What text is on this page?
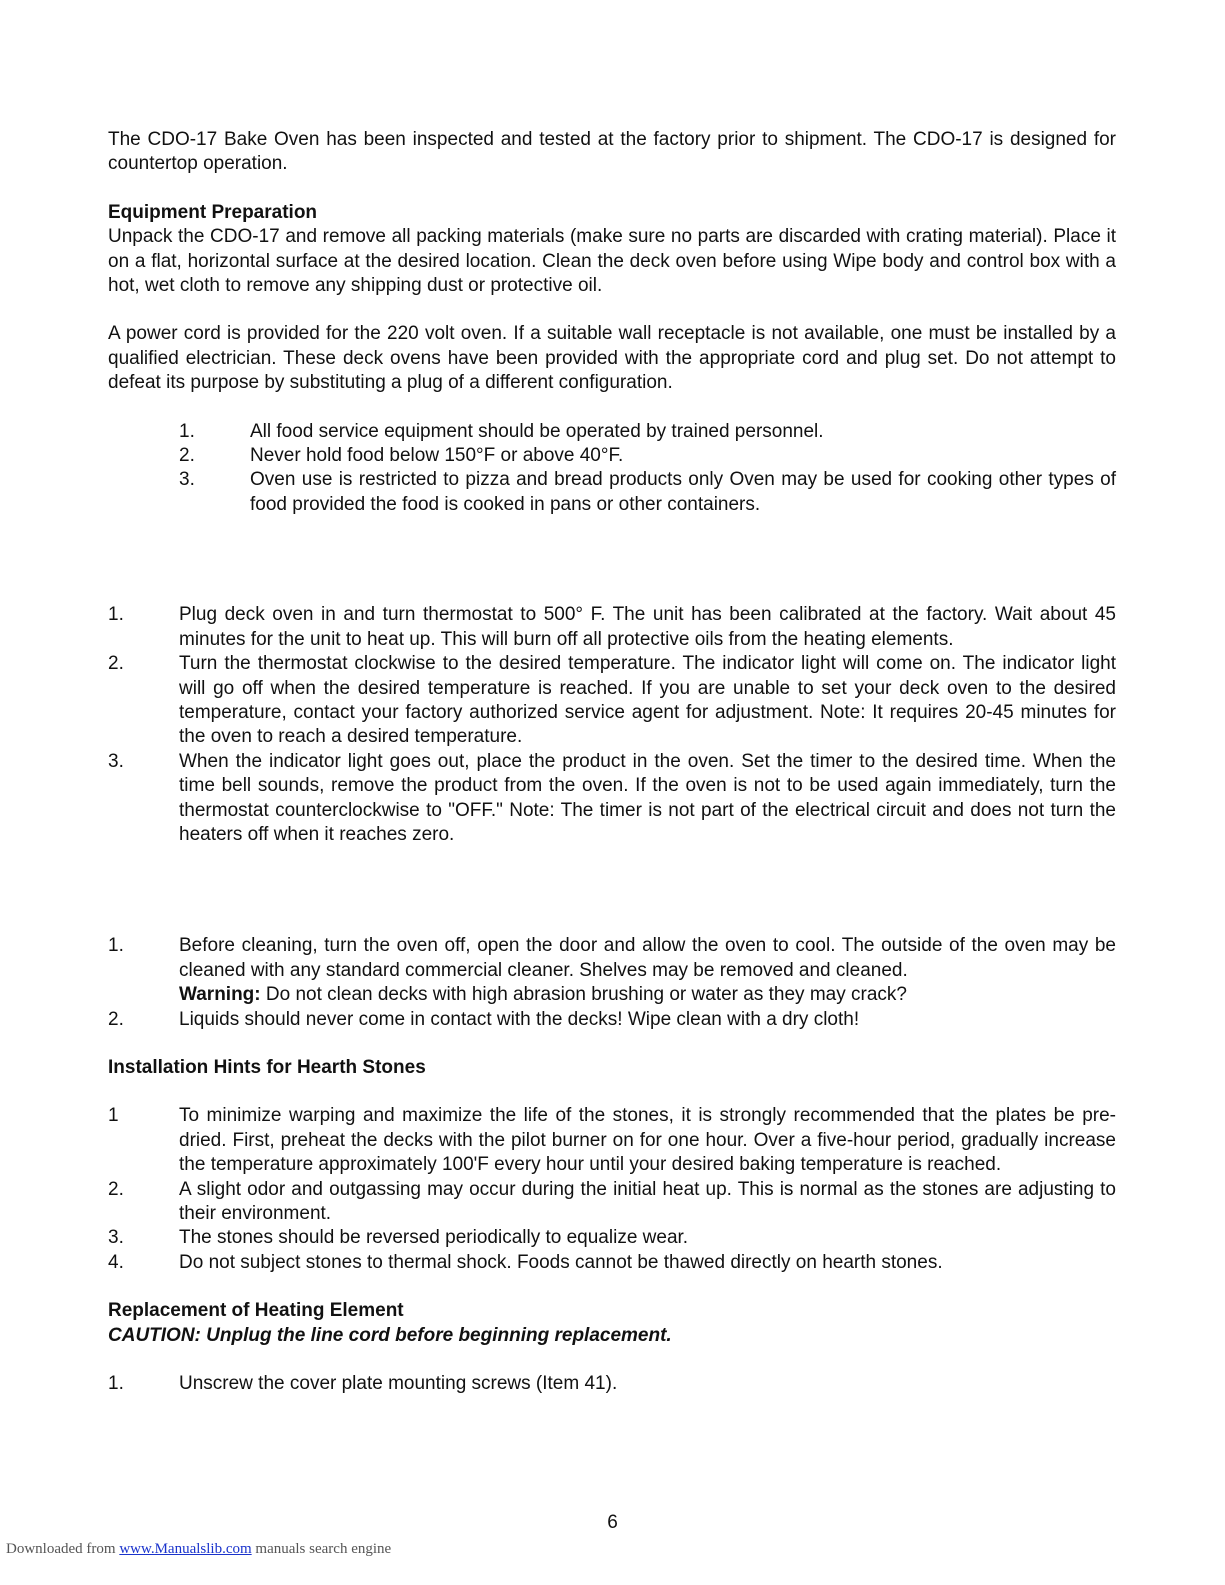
The CDO-17 Bake Oven has been inspected and tested at the factory prior to shipment. The CDO-17 is designed for countertop operation.

Equipment Preparation

Unpack the CDO-17 and remove all packing materials (make sure no parts are discarded with crating material). Place it on a flat, horizontal surface at the desired location. Clean the deck oven before using Wipe body and control box with a hot, wet cloth to remove any shipping dust or protective oil.

A power cord is provided for the 220 volt oven. If a suitable wall receptacle is not available, one must be installed by a qualified electrician. These deck ovens have been provided with the appropriate cord and plug set. Do not attempt to defeat its purpose by substituting a plug of a different configuration.

1.	All food service equipment should be operated by trained personnel.
2.	Never hold food below 150°F or above 40°F.
3.	Oven use is restricted to pizza and bread products only Oven may be used for cooking other types of food provided the food is cooked in pans or other containers.
1.	Plug deck oven in and turn thermostat to 500° F. The unit has been calibrated at the factory. Wait about 45 minutes for the unit to heat up. This will burn off all protective oils from the heating elements.
2.	Turn the thermostat clockwise to the desired temperature. The indicator light will come on. The indicator light will go off when the desired temperature is reached. If you are unable to set your deck oven to the desired temperature, contact your factory authorized service agent for adjustment. Note: It requires 20-45 minutes for the oven to reach a desired temperature.
3.	When the indicator light goes out, place the product in the oven. Set the timer to the desired time. When the time bell sounds, remove the product from the oven. If the oven is not to be used again immediately, turn the thermostat counterclockwise to "OFF." Note: The timer is not part of the electrical circuit and does not turn the heaters off when it reaches zero.
1.	Before cleaning, turn the oven off, open the door and allow the oven to cool. The outside of the oven may be cleaned with any standard commercial cleaner. Shelves may be removed and cleaned.
Warning: Do not clean decks with high abrasion brushing or water as they may crack?
2.	Liquids should never come in contact with the decks! Wipe clean with a dry cloth!

Installation Hints for Hearth Stones

1	To minimize warping and maximize the life of the stones, it is strongly recommended that the plates be pre-dried. First, preheat the decks with the pilot burner on for one hour. Over a five-hour period, gradually increase the temperature approximately 100'F every hour until your desired baking temperature is reached.
2.	A slight odor and outgassing may occur during the initial heat up. This is normal as the stones are adjusting to their environment.
3.	The stones should be reversed periodically to equalize wear.
4.	Do not subject stones to thermal shock. Foods cannot be thawed directly on hearth stones.

Replacement of Heating Element

CAUTION: Unplug the line cord before beginning replacement.

1.	Unscrew the cover plate mounting screws (Item 41).
6
Downloaded from www.Manualslib.com manuals search engine
